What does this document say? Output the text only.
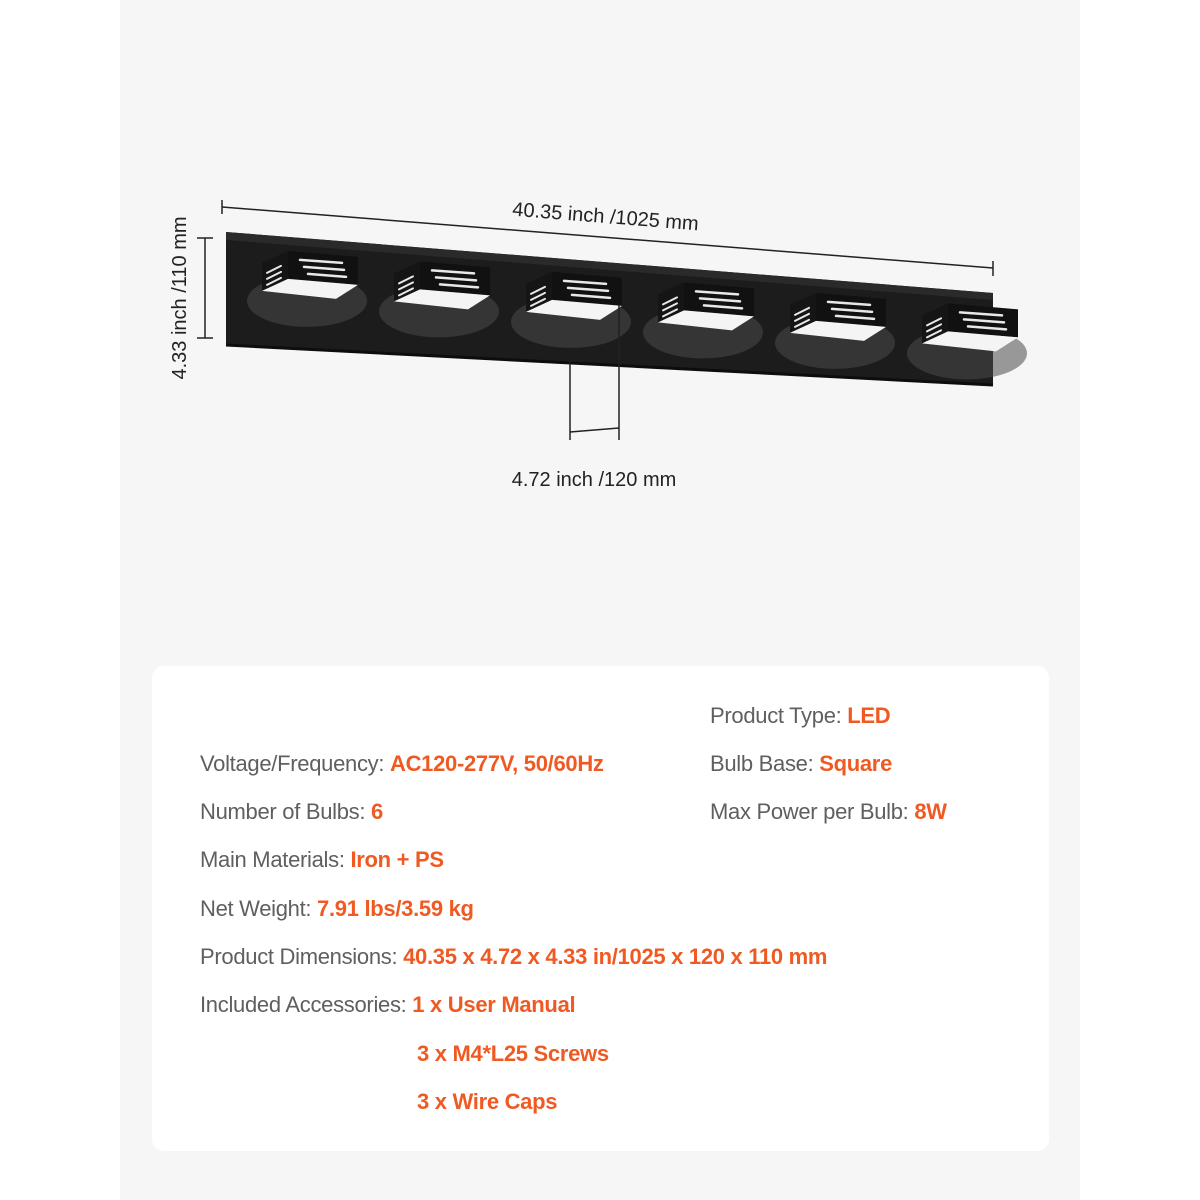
40.35 inch /1025 mm
4.33 inch /110 mm
4.72 inch /120 mm
Product Type: LED
Voltage/Frequency: AC120-277V, 50/60Hz	Bulb Base: Square
Number of Bulbs: 6	Max Power per Bulb: 8W
Main Materials: Iron + PS
Net Weight: 7.91 lbs/3.59 kg
Product Dimensions: 40.35 x 4.72 x 4.33 in/1025 x 120 x 110 mm
Included Accessories: 1 x User Manual
3 x M4*L25 Screws
3 x Wire Caps
